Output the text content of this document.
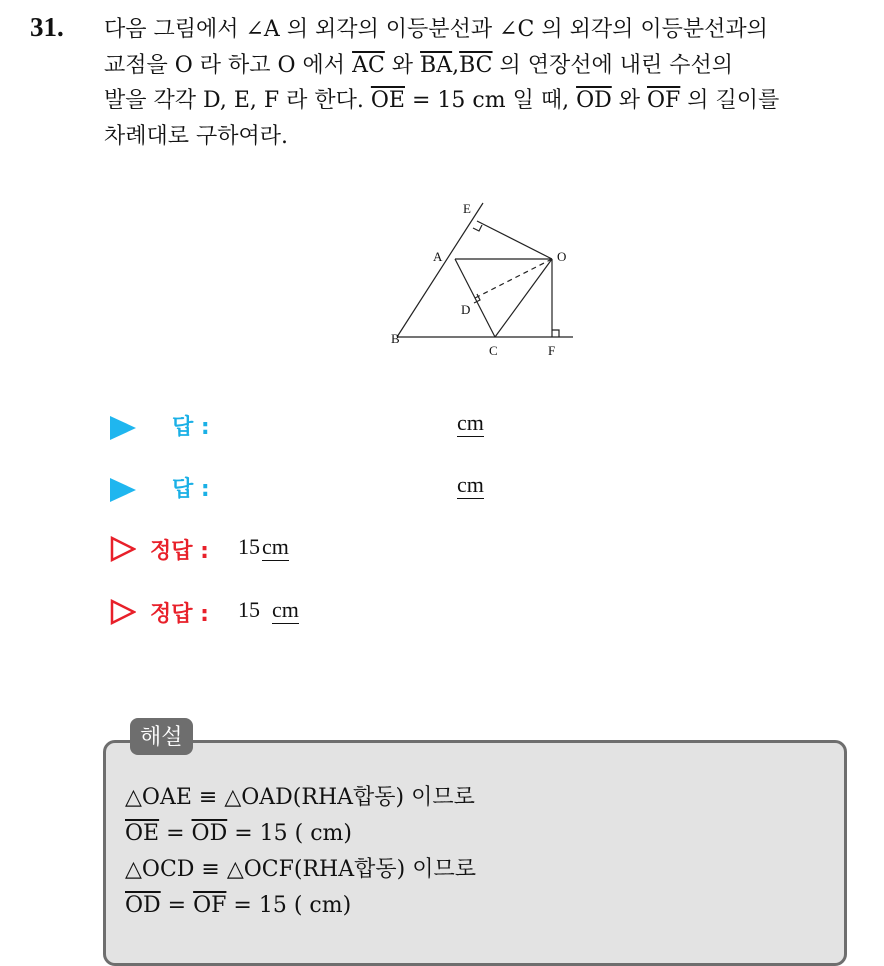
31. 다음 그림에서 ∠A 의 외각의 이등분선과 ∠C 의 외각의 이등분선과의
교점을 O 라 하고 O 에서 $\overline{AC}$ 와 $\overline{BA},\overline{BC}$ 의 연장선에 내린 수선의
발을 각각 D, E, F 라 한다. $\overline{OE} = 15$ cm 일 때, $\overline{OD}$ 와 $\overline{OF}$ 의 길이를
차례대로 구하여라.
E
A	O
D
B
C	F
답 :	cm
답 :	cm
정답 : 15 cm
정답 : 15 cm
해설
△OAE ≡ △OAD(RHA합동) 이므로
$\overline{OE} = \overline{OD} = 15$ ( cm)
△OCD ≡ △OCF(RHA합동) 이므로
$\overline{OD} = \overline{OF} = 15$ ( cm)
